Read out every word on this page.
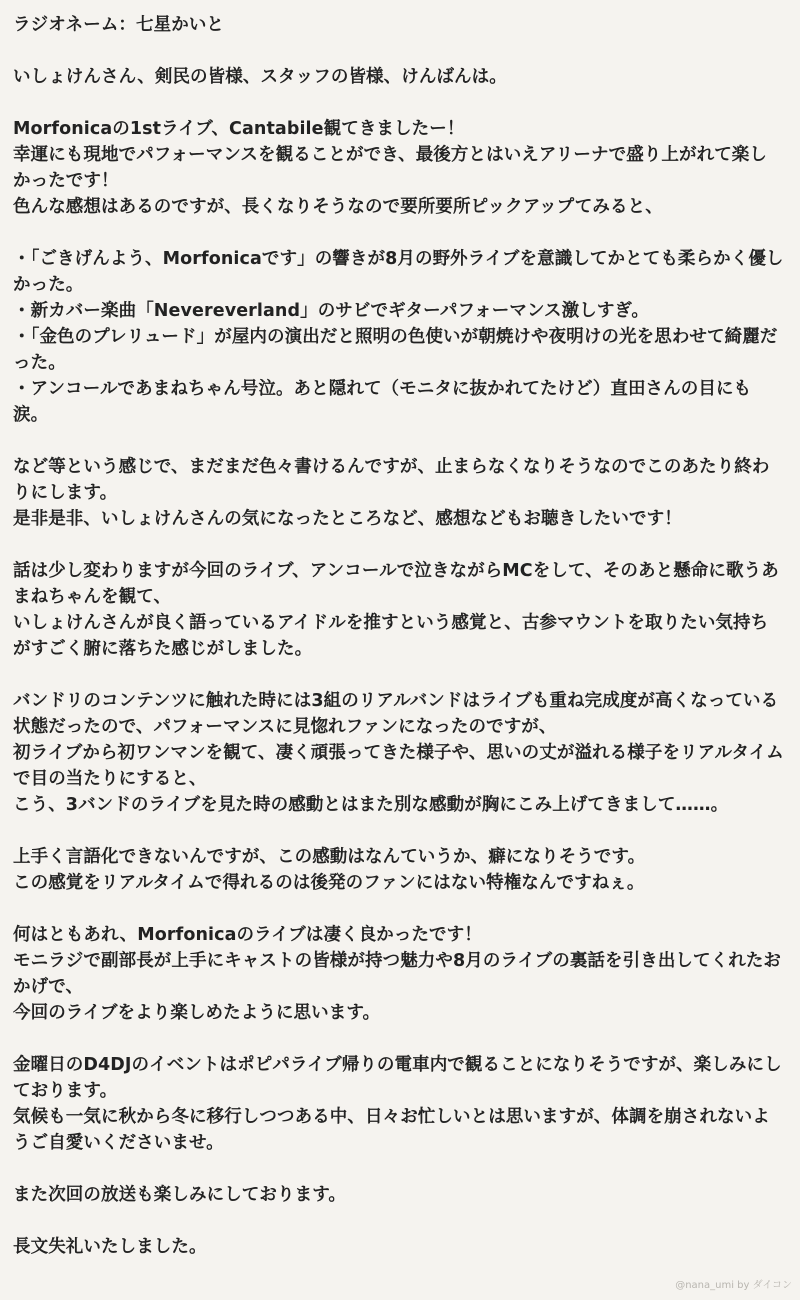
ラジオネーム：七星かいと
いしょけんさん、剣民の皆様、スタッフの皆様、けんばんは。
Morfonicaの1stライブ、Cantabile観てきましたー！
幸運にも現地でパフォーマンスを観ることができ、最後方とはいえアリーナで盛り上がれて楽しかったです！
色んな感想はあるのですが、長くなりそうなので要所要所ピックアップてみると、
・「ごきげんよう、Morfonicaです」の響きが8月の野外ライブを意識してかとても柔らかく優しかった。
・新カバー楽曲「Nevereverland」のサビでギターパフォーマンス激しすぎ。
・「金色のプレリュード」が屋内の演出だと照明の色使いが朝焼けや夜明けの光を思わせて綺麗だった。
・アンコールであまねちゃん号泣。あと隠れて（モニタに抜かれてたけど）直田さんの目にも涙。
など等という感じで、まだまだ色々書けるんですが、止まらなくなりそうなのでこのあたり終わりにします。
是非是非、いしょけんさんの気になったところなど、感想などもお聴きしたいです！
話は少し変わりますが今回のライブ、アンコールで泣きながらMCをして、そのあと懸命に歌うあまねちゃんを観て、
いしょけんさんが良く語っているアイドルを推すという感覚と、古参マウントを取りたい気持ちがすごく腑に落ちた感じがしました。
バンドリのコンテンツに触れた時には3組のリアルバンドはライブも重ね完成度が高くなっている状態だったので、パフォーマンスに見惚れファンになったのですが、
初ライブから初ワンマンを観て、凄く頑張ってきた様子や、思いの丈が溢れる様子をリアルタイムで目の当たりにすると、
こう、3バンドのライブを見た時の感動とはまた別な感動が胸にこみ上げてきまして……。
上手く言語化できないんですが、この感動はなんていうか、癖になりそうです。
この感覚をリアルタイムで得れるのは後発のファンにはない特権なんですねぇ。
何はともあれ、Morfonicaのライブは凄く良かったです！
モニラジで副部長が上手にキャストの皆様が持つ魅力や8月のライブの裏話を引き出してくれたおかげで、
今回のライブをより楽しめたように思います。
金曜日のD4DJのイベントはポピパライブ帰りの電車内で観ることになりそうですが、楽しみにしております。
気候も一気に秋から冬に移行しつつある中、日々お忙しいとは思いますが、体調を崩されないようご自愛いくださいませ。
また次回の放送も楽しみにしております。
長文失礼いたしました。
@nana_umi by ダイコン
